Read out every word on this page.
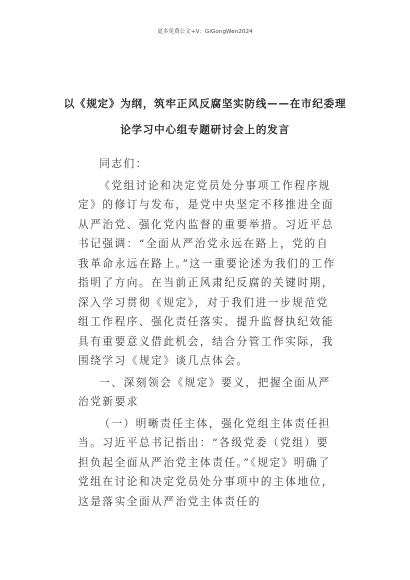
更多免费公文+V：GiGongWen2024
以《规定》为纲，筑牢正风反腐坚实防线——在市纪委理
论学习中心组专题研讨会上的发言

同志们：

《党组讨论和决定党员处分事项工作程序规定》的修订与发布，是党中央坚定不移推进全面从严治党、强化党内监督的重要举措。习近平总书记强调：“全面从严治党永远在路上，党的自我革命永远在路上。”这一重要论述为我们的工作指明了方向。在当前正风肃纪反腐的关键时期，深入学习贯彻《规定》，对于我们进一步规范党组工作程序、强化责任落实、提升监督执纪效能具有重要意义借此机会，结合分管工作实际，我围绕学习《规定》谈几点体会。

一、深刻领会《规定》要义，把握全面从严治党新要求

（一）明晰责任主体，强化党组主体责任担当。习近平总书记指出：“各级党委（党组）要担负起全面从严治党主体责任。”《规定》明确了党组在讨论和决定党员处分事项中的主体地位，这是落实全面从严治党主体责任的
